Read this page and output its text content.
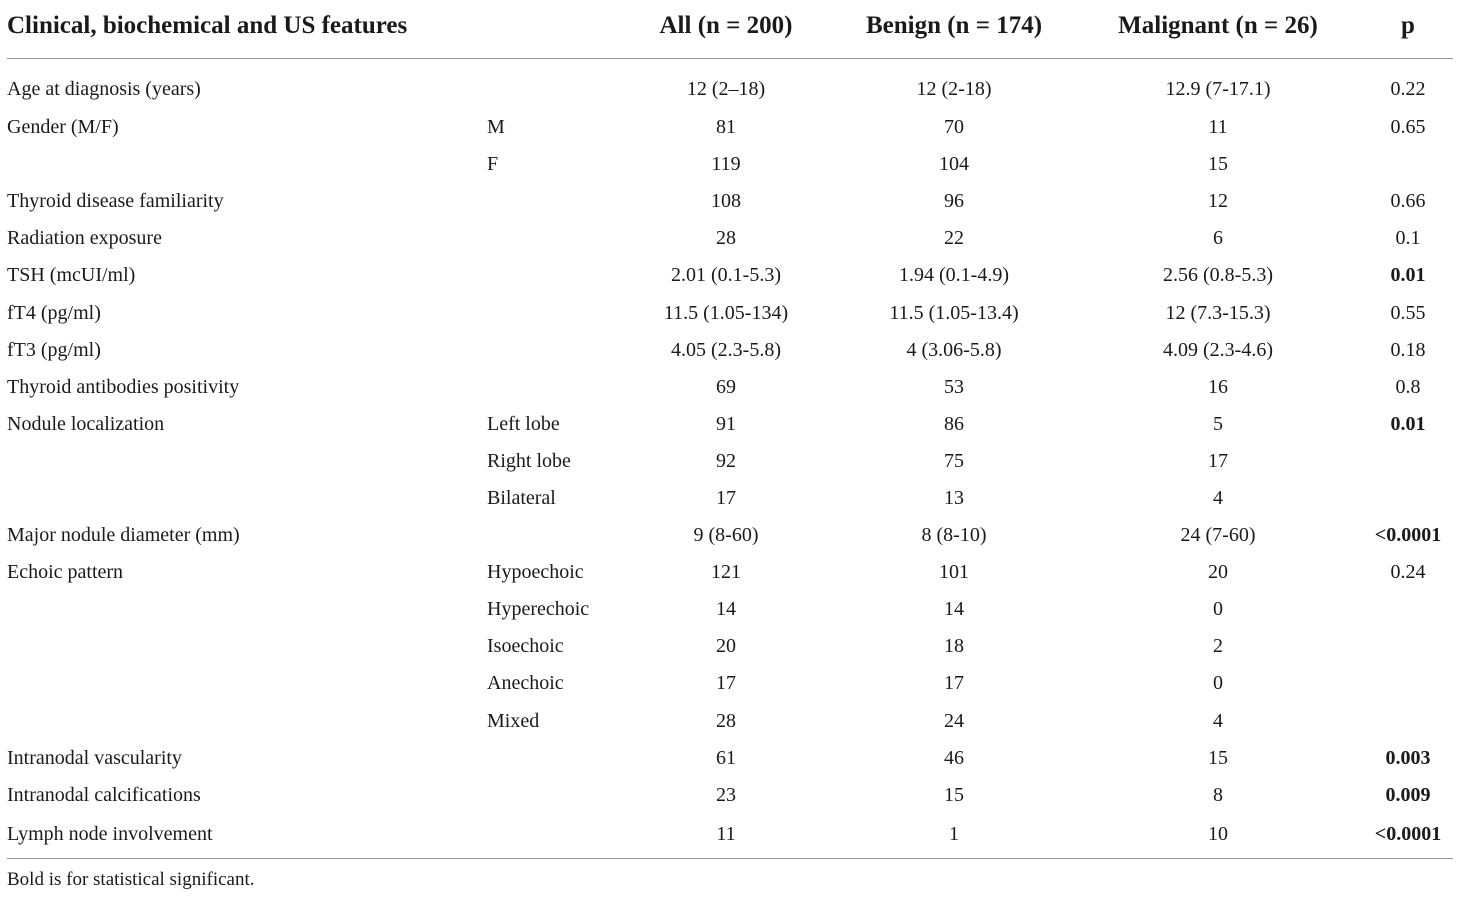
Clinical, biochemical and US features		All (n = 200)	Benign (n = 174)	Malignant (n = 26)	p
Age at diagnosis (years)		12 (2–18)	12 (2-18)	12.9 (7-17.1)	0.22
Gender (M/F)	M	81	70	11	0.65
	F	119	104	15	
Thyroid disease familiarity		108	96	12	0.66
Radiation exposure		28	22	6	0.1
TSH (mcUI/ml)		2.01 (0.1-5.3)	1.94 (0.1-4.9)	2.56 (0.8-5.3)	0.01
fT4 (pg/ml)		11.5 (1.05-134)	11.5 (1.05-13.4)	12 (7.3-15.3)	0.55
fT3 (pg/ml)		4.05 (2.3-5.8)	4 (3.06-5.8)	4.09 (2.3-4.6)	0.18
Thyroid antibodies positivity		69	53	16	0.8
Nodule localization	Left lobe	91	86	5	0.01
	Right lobe	92	75	17	
	Bilateral	17	13	4	
Major nodule diameter (mm)		9 (8-60)	8 (8-10)	24 (7-60)	<0.0001
Echoic pattern	Hypoechoic	121	101	20	0.24
	Hyperechoic	14	14	0	
	Isoechoic	20	18	2	
	Anechoic	17	17	0	
	Mixed	28	24	4	
Intranodal vascularity		61	46	15	0.003
Intranodal calcifications		23	15	8	0.009
Lymph node involvement		11	1	10	<0.0001
Bold is for statistical significant.
